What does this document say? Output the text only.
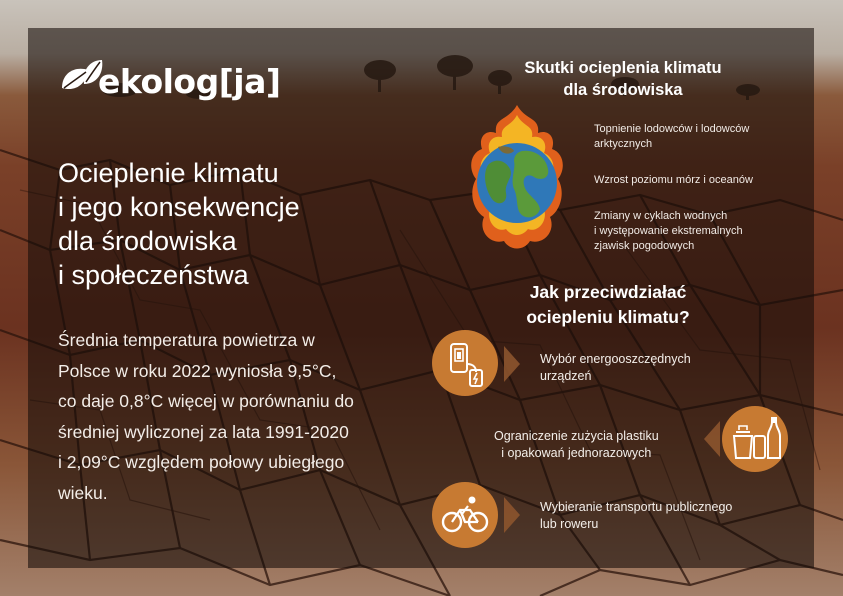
ekolog[ja]
Ocieplenie klimatu
i jego konsekwencje
dla środowiska
i społeczeństwa
Średnia temperatura powietrza w
Polsce w roku 2022 wyniosła 9,5°C,
co daje 0,8°C więcej w porównaniu do
średniej wyliczonej za lata 1991-2020
i 2,09°C względem połowy ubiegłego
wieku.
Skutki ocieplenia klimatu
dla środowiska
Topnienie lodowców i lodowców
arktycznych
Wzrost poziomu mórz i oceanów
Zmiany w cyklach wodnych
i występowanie ekstremalnych
zjawisk pogodowych
Jak przeciwdziałać
ociepleniu klimatu?
Wybór energooszczędnych
urządzeń
Ograniczenie zużycia plastiku
i opakowań jednorazowych
Wybieranie transportu publicznego
lub roweru
